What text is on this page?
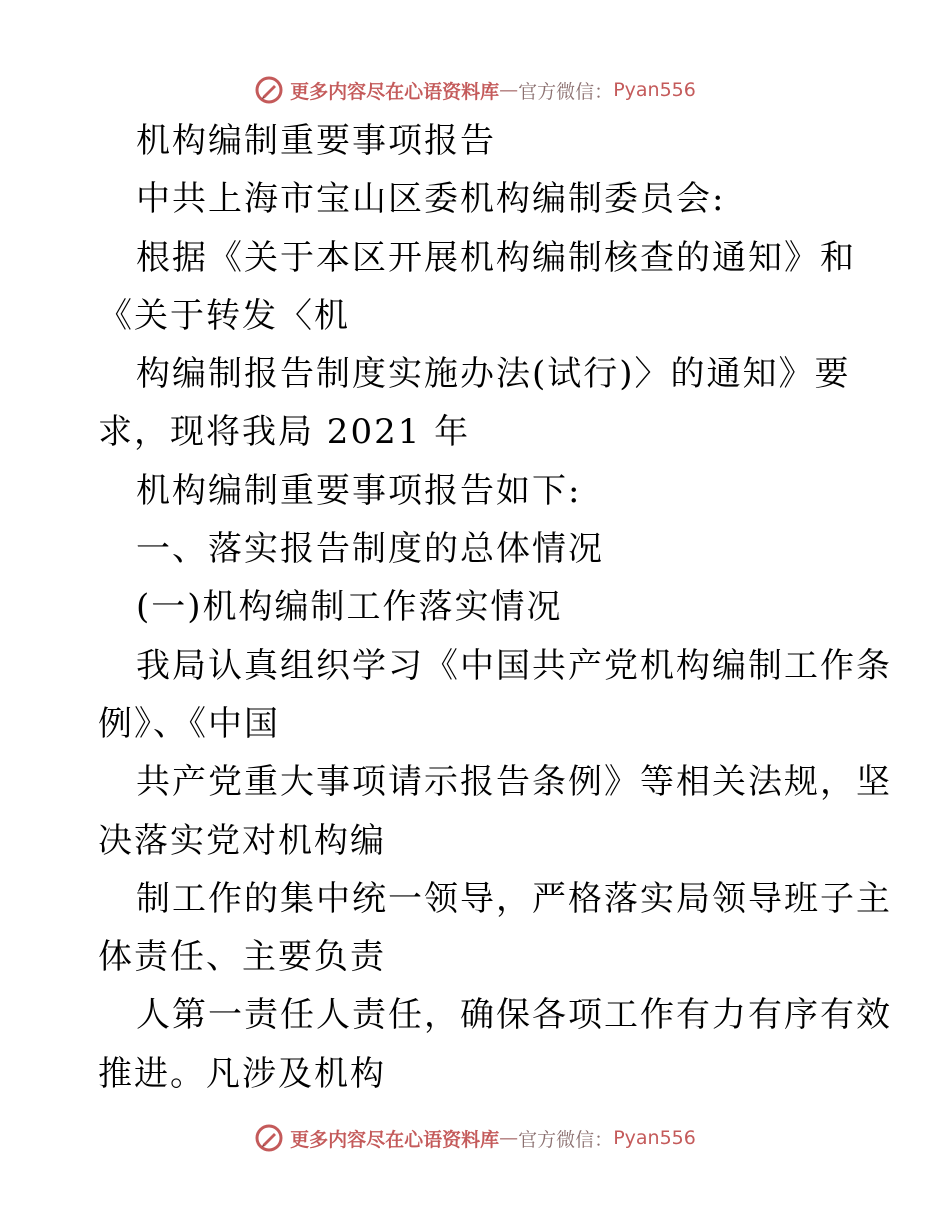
更多内容尽在心语资料库 — 官方微信： Pyan556
机构编制重要事项报告
中共上海市宝山区委机构编制委员会:
根据《关于本区开展机构编制核查的通知》和
《关于转发〈机
构编制报告制度实施办法(试行)〉的通知》要
求，现将我局 2021 年
机构编制重要事项报告如下:
一、落实报告制度的总体情况
(一)机构编制工作落实情况
我局认真组织学习《中国共产党机构编制工作条
例》、《中国
共产党重大事项请示报告条例》等相关法规，坚
决落实党对机构编
制工作的集中统一领导，严格落实局领导班子主
体责任、主要负责
人第一责任人责任，确保各项工作有力有序有效
推进。凡涉及机构
更多内容尽在心语资料库 — 官方微信： Pyan556
